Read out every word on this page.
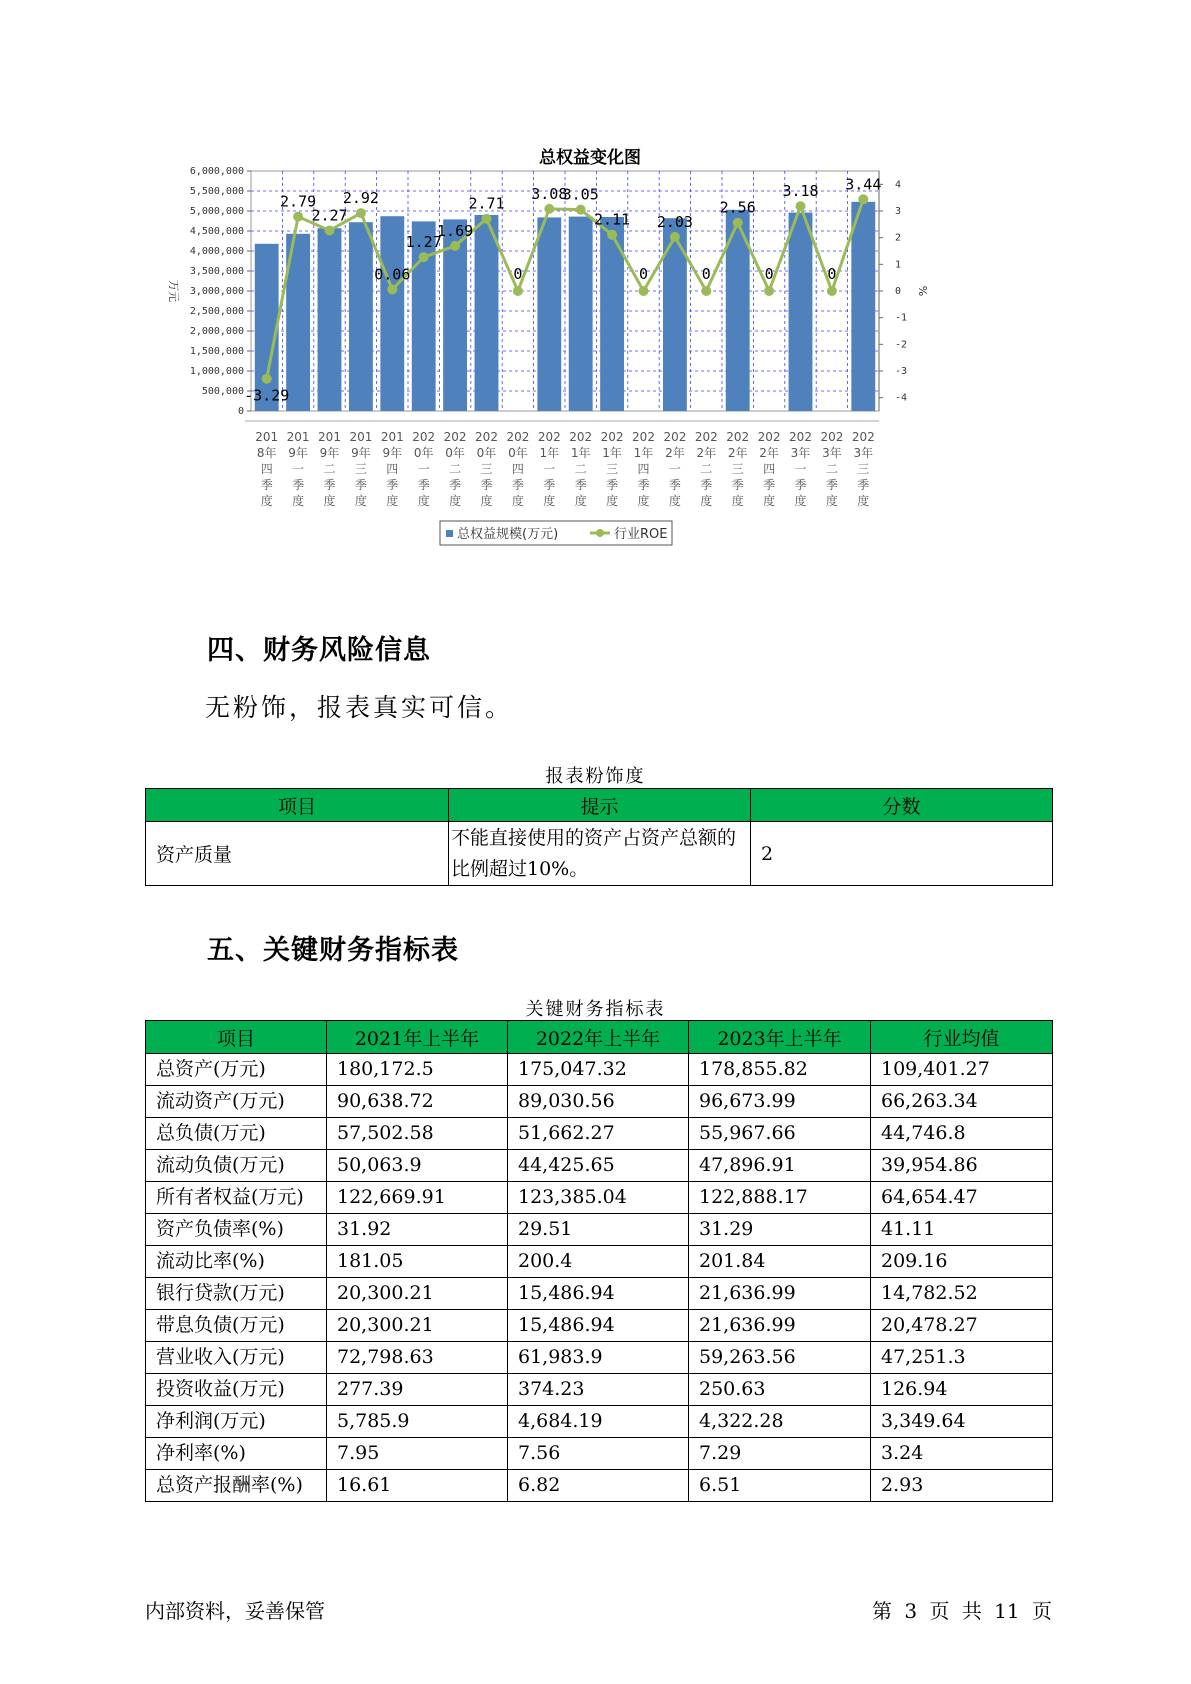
0
500,000
1,000,000
1,500,000
2,000,000
2,500,000
3,000,000
3,500,000
4,000,000
4,500,000
5,000,000
5,500,000
6,000,000
-4
-3
-2
-1
0
1
2
3
4
万元	%
201
8年
四
季
度
201
9年
一
季
度
201
9年
二
季
度
201
9年
三
季
度
201
9年
四
季
度
202
0年
一
季
度
202
0年
二
季
度
202
0年
三
季
度
202
0年
四
季
度
202
1年
一
季
度
202
1年
二
季
度
202
1年
三
季
度
202
1年
四
季
度
202
2年
一
季
度
202
2年
二
季
度
202
2年
三
季
度
202
2年
四
季
度
202
3年
一
季
度
202
3年
二
季
度
202
3年
三
季
度
-3.29
2.79
2.27
2.92
0.06
1.27
1.69
2.71
0
3.08
3.05
2.11
0
2.03
0
2.56
0
3.18
0
3.44
总权益规模(万元)	行业ROE
总权益变化图
四、财务风险信息
无粉饰，报表真实可信。
报表粉饰度
项目	提示	分数
资产质量	不能直接使用的资产占资产总额的比例超过10%。	2
五、关键财务指标表
关键财务指标表
项目	2021年上半年	2022年上半年	2023年上半年	行业均值
总资产(万元)	180,172.5	175,047.32	178,855.82	109,401.27
流动资产(万元)	90,638.72	89,030.56	96,673.99	66,263.34
总负债(万元)	57,502.58	51,662.27	55,967.66	44,746.8
流动负债(万元)	50,063.9	44,425.65	47,896.91	39,954.86
所有者权益(万元)	122,669.91	123,385.04	122,888.17	64,654.47
资产负债率(%)	31.92	29.51	31.29	41.11
流动比率(%)	181.05	200.4	201.84	209.16
银行贷款(万元)	20,300.21	15,486.94	21,636.99	14,782.52
带息负债(万元)	20,300.21	15,486.94	21,636.99	20,478.27
营业收入(万元)	72,798.63	61,983.9	59,263.56	47,251.3
投资收益(万元)	277.39	374.23	250.63	126.94
净利润(万元)	5,785.9	4,684.19	4,322.28	3,349.64
净利率(%)	7.95	7.56	7.29	3.24
总资产报酬率(%)	16.61	6.82	6.51	2.93
内部资料，妥善保管	第 3 页 共 11 页
